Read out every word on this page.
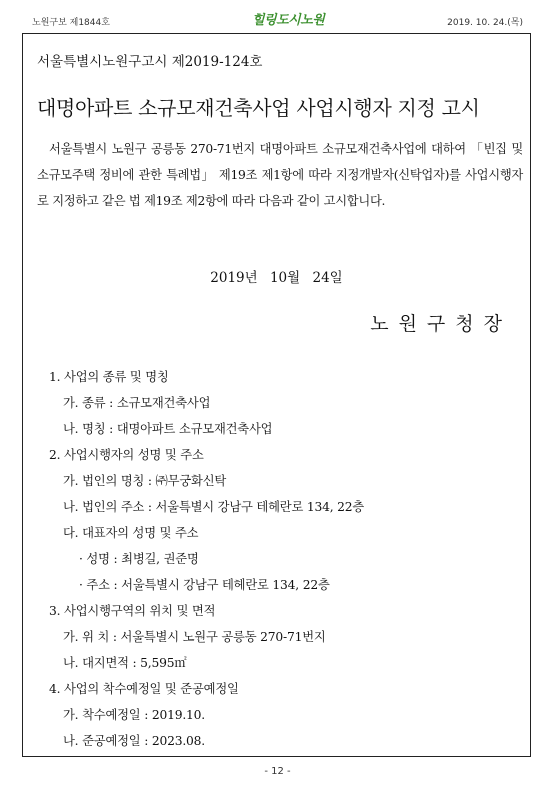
노원구보 제1844호	힐링도시노원	2019. 10. 24.(목)
서울특별시노원구고시 제2019-124호
대명아파트 소규모재건축사업 사업시행자 지정 고시

서울특별시 노원구 공릉동 270-71번지 대명아파트 소규모재건축사업에 대하여 「빈집 및 소규모주택 정비에 관한 특례법」 제19조 제1항에 따라 지정개발자(신탁업자)를 사업시행자로 지정하고 같은 법 제19조 제2항에 따라 다음과 같이 고시합니다.

2019년 10월 24일
노원구청장
1. 사업의 종류 및 명칭
가. 종류 : 소규모재건축사업
나. 명칭 : 대명아파트 소규모재건축사업
2. 사업시행자의 성명 및 주소
가. 법인의 명칭 : ㈜무궁화신탁
나. 법인의 주소 : 서울특별시 강남구 테헤란로 134, 22층
다. 대표자의 성명 및 주소
· 성명 : 최병길, 권준명
· 주소 : 서울특별시 강남구 테헤란로 134, 22층
3. 사업시행구역의 위치 및 면적
가. 위 치 : 서울특별시 노원구 공릉동 270-71번지
나. 대지면적 : 5,595㎡
4. 사업의 착수예정일 및 준공예정일
가. 착수예정일 : 2019.10.
나. 준공예정일 : 2023.08.
- 12 -
